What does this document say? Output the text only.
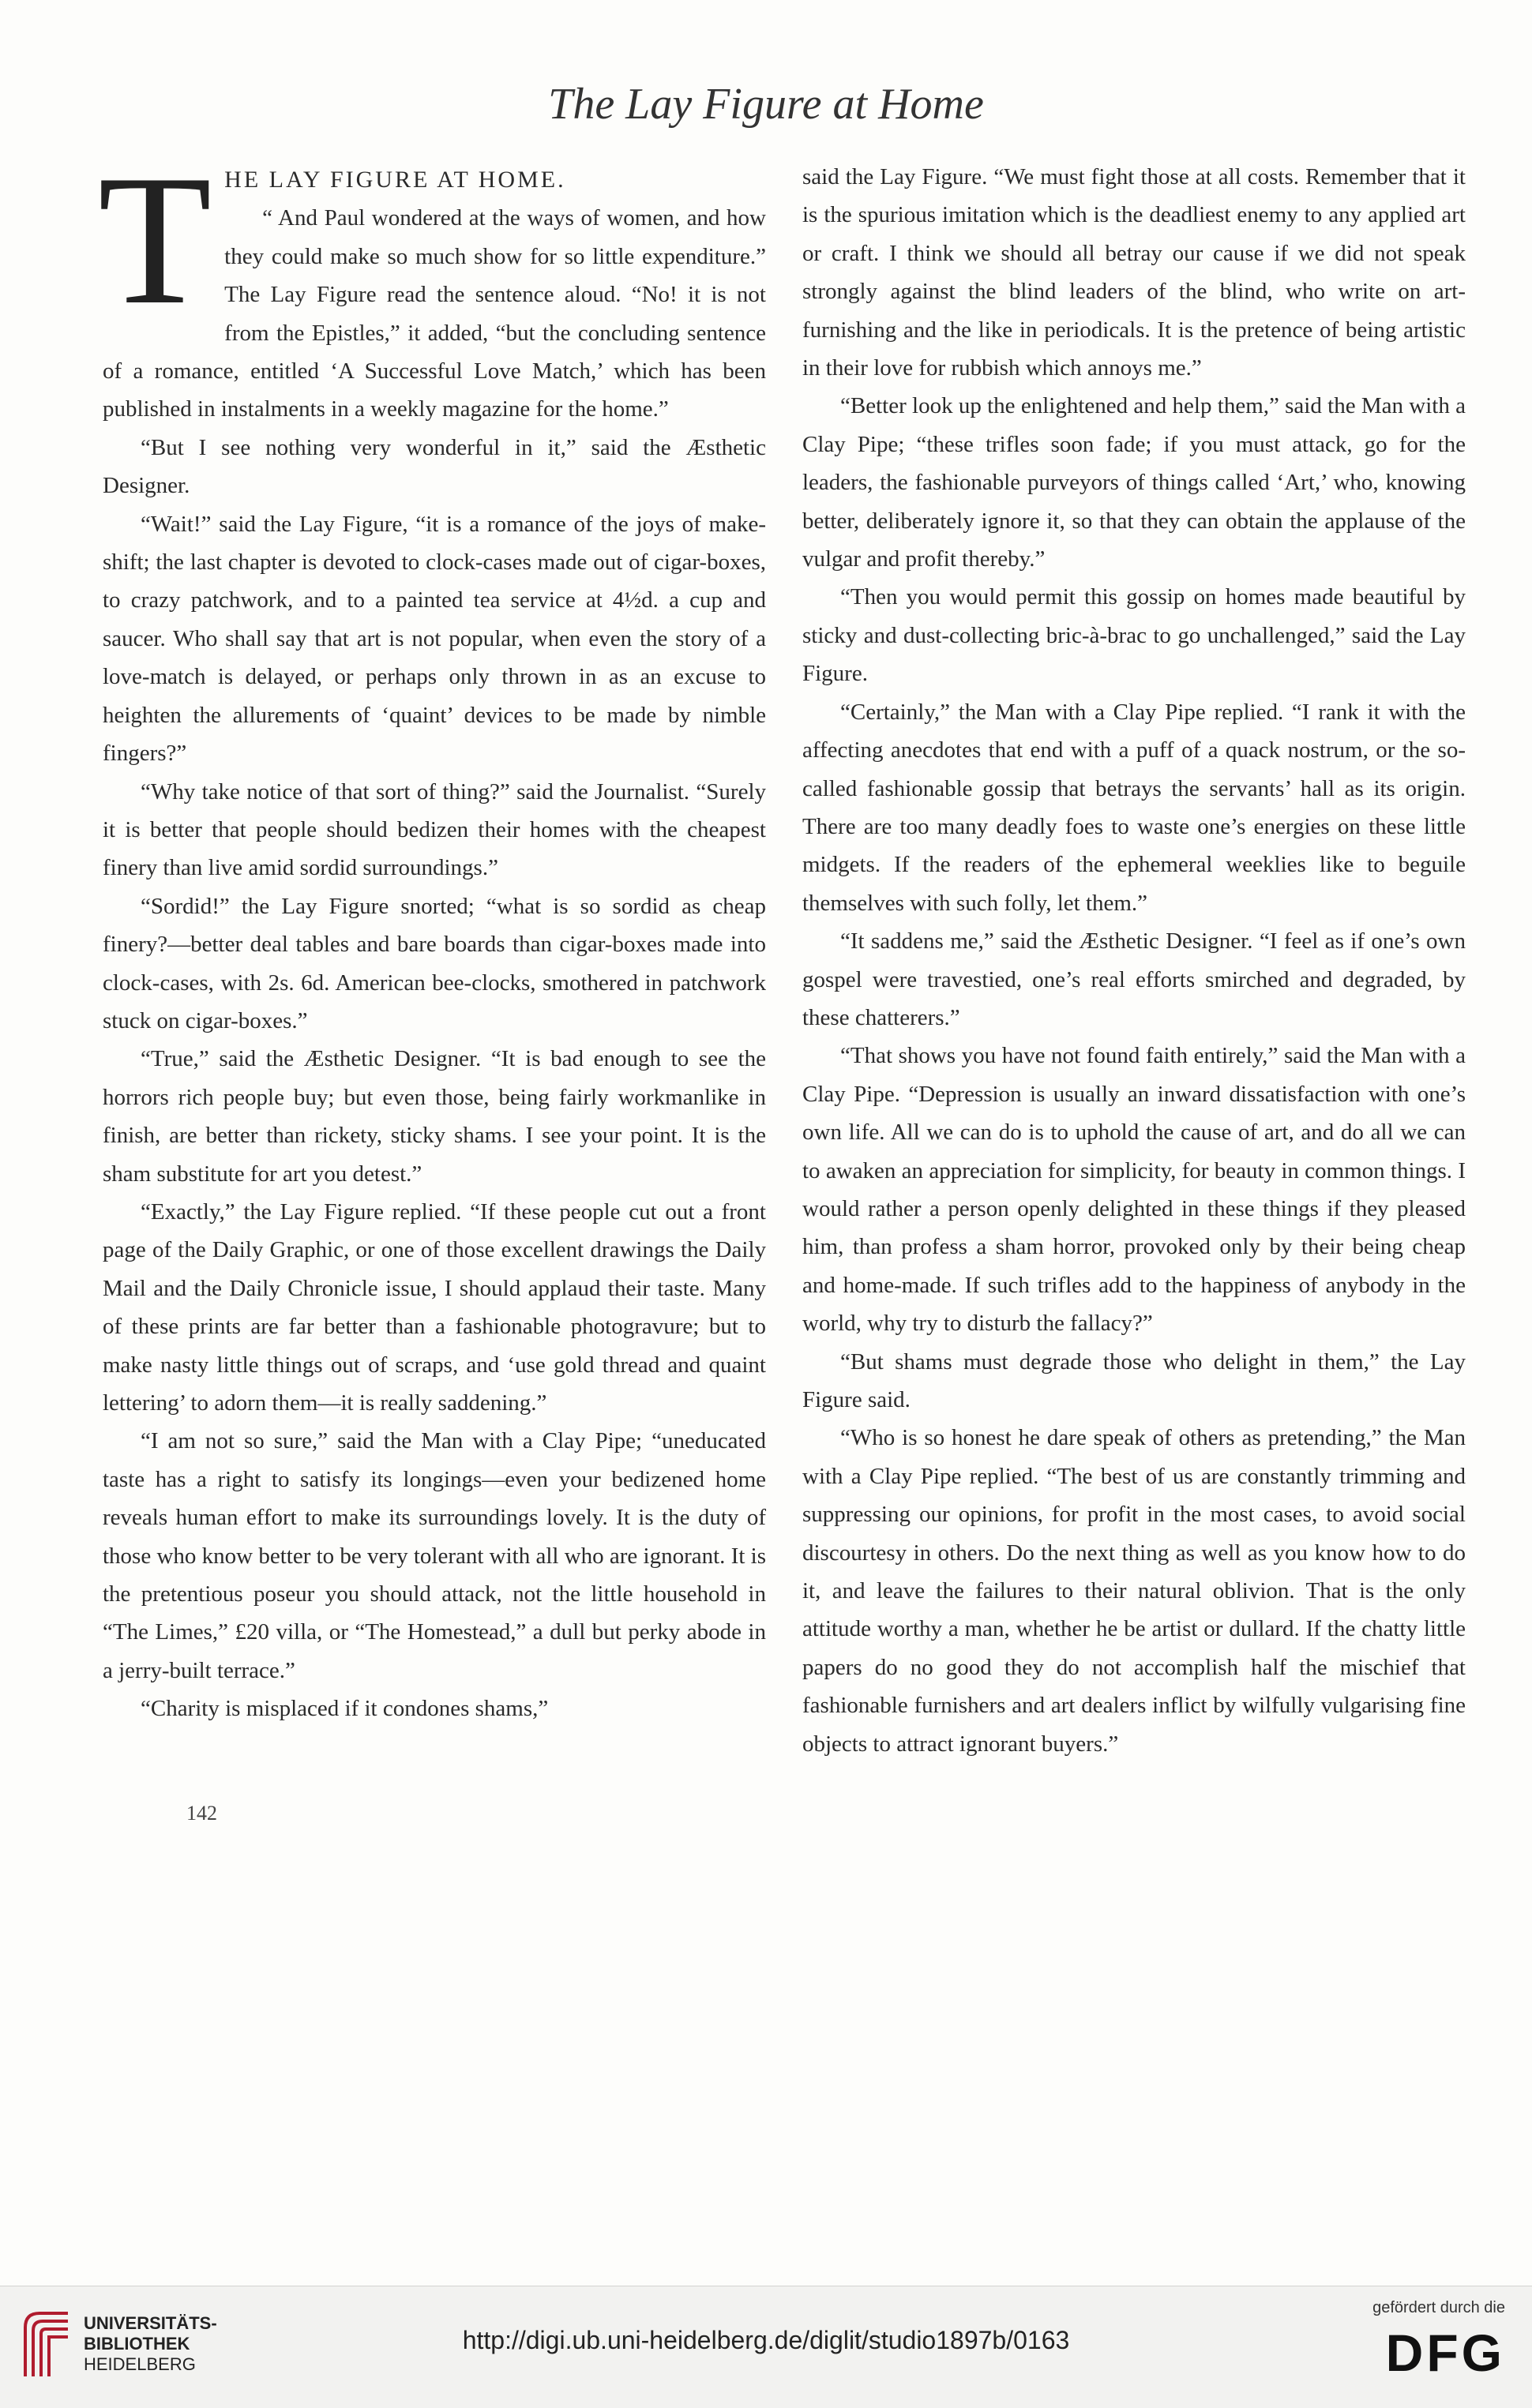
The Lay Figure at Home
T HE LAY FIGURE AT HOME.

“ And Paul wondered at the ways of women, and how they could make so much show for so little expenditure.” The Lay Figure read the sentence aloud. “No! it is not from the Epistles,” it added, “but the concluding sentence of a romance, entitled ‘A Successful Love Match,’ which has been published in instalments in a weekly magazine for the home.”

“But I see nothing very wonderful in it,” said the Æsthetic Designer.

“Wait!” said the Lay Figure, “it is a romance of the joys of make-shift; the last chapter is devoted to clock-cases made out of cigar-boxes, to crazy patchwork, and to a painted tea service at 4½d. a cup and saucer. Who shall say that art is not popular, when even the story of a love-match is delayed, or perhaps only thrown in as an excuse to heighten the allurements of ‘quaint’ devices to be made by nimble fingers?”

“Why take notice of that sort of thing?” said the Journalist. “Surely it is better that people should bedizen their homes with the cheapest finery than live amid sordid surroundings.”

“Sordid!” the Lay Figure snorted; “what is so sordid as cheap finery?—better deal tables and bare boards than cigar-boxes made into clock-cases, with 2s. 6d. American bee-clocks, smothered in patchwork stuck on cigar-boxes.”

“True,” said the Æsthetic Designer. “It is bad enough to see the horrors rich people buy; but even those, being fairly workmanlike in finish, are better than rickety, sticky shams. I see your point. It is the sham substitute for art you detest.”

“Exactly,” the Lay Figure replied. “If these people cut out a front page of the Daily Graphic, or one of those excellent drawings the Daily Mail and the Daily Chronicle issue, I should applaud their taste. Many of these prints are far better than a fashionable photogravure; but to make nasty little things out of scraps, and ‘use gold thread and quaint lettering’ to adorn them—it is really saddening.”

“I am not so sure,” said the Man with a Clay Pipe; “uneducated taste has a right to satisfy its longings—even your bedizened home reveals human effort to make its surroundings lovely. It is the duty of those who know better to be very tolerant with all who are ignorant. It is the pretentious poseur you should attack, not the little household in “The Limes,” £20 villa, or “The Homestead,” a dull but perky abode in a jerry-built terrace.”

“Charity is misplaced if it condones shams,”

said the Lay Figure. “We must fight those at all costs. Remember that it is the spurious imitation which is the deadliest enemy to any applied art or craft. I think we should all betray our cause if we did not speak strongly against the blind leaders of the blind, who write on art-furnishing and the like in periodicals. It is the pretence of being artistic in their love for rubbish which annoys me.”

“Better look up the enlightened and help them,” said the Man with a Clay Pipe; “these trifles soon fade; if you must attack, go for the leaders, the fashionable purveyors of things called ‘Art,’ who, knowing better, deliberately ignore it, so that they can obtain the applause of the vulgar and profit thereby.”

“Then you would permit this gossip on homes made beautiful by sticky and dust-collecting bric-à-brac to go unchallenged,” said the Lay Figure.

“Certainly,” the Man with a Clay Pipe replied. “I rank it with the affecting anecdotes that end with a puff of a quack nostrum, or the so-called fashionable gossip that betrays the servants’ hall as its origin. There are too many deadly foes to waste one’s energies on these little midgets. If the readers of the ephemeral weeklies like to beguile themselves with such folly, let them.”

“It saddens me,” said the Æsthetic Designer. “I feel as if one’s own gospel were travestied, one’s real efforts smirched and degraded, by these chatterers.”

“That shows you have not found faith entirely,” said the Man with a Clay Pipe. “Depression is usually an inward dissatisfaction with one’s own life. All we can do is to uphold the cause of art, and do all we can to awaken an appreciation for simplicity, for beauty in common things. I would rather a person openly delighted in these things if they pleased him, than profess a sham horror, provoked only by their being cheap and home-made. If such trifles add to the happiness of anybody in the world, why try to disturb the fallacy?”

“But shams must degrade those who delight in them,” the Lay Figure said.

“Who is so honest he dare speak of others as pretending,” the Man with a Clay Pipe replied. “The best of us are constantly trimming and suppressing our opinions, for profit in the most cases, to avoid social discourtesy in others. Do the next thing as well as you know how to do it, and leave the failures to their natural oblivion. That is the only attitude worthy a man, whether he be artist or dullard. If the chatty little papers do no good they do not accomplish half the mischief that fashionable furnishers and art dealers inflict by wilfully vulgarising fine objects to attract ignorant buyers.”

142
UNIVERSITÄTS-
BIBLIOTHEK
HEIDELBERG
http://digi.ub.uni-heidelberg.de/diglit/studio1897b/0163
gefördert durch die
DFG
